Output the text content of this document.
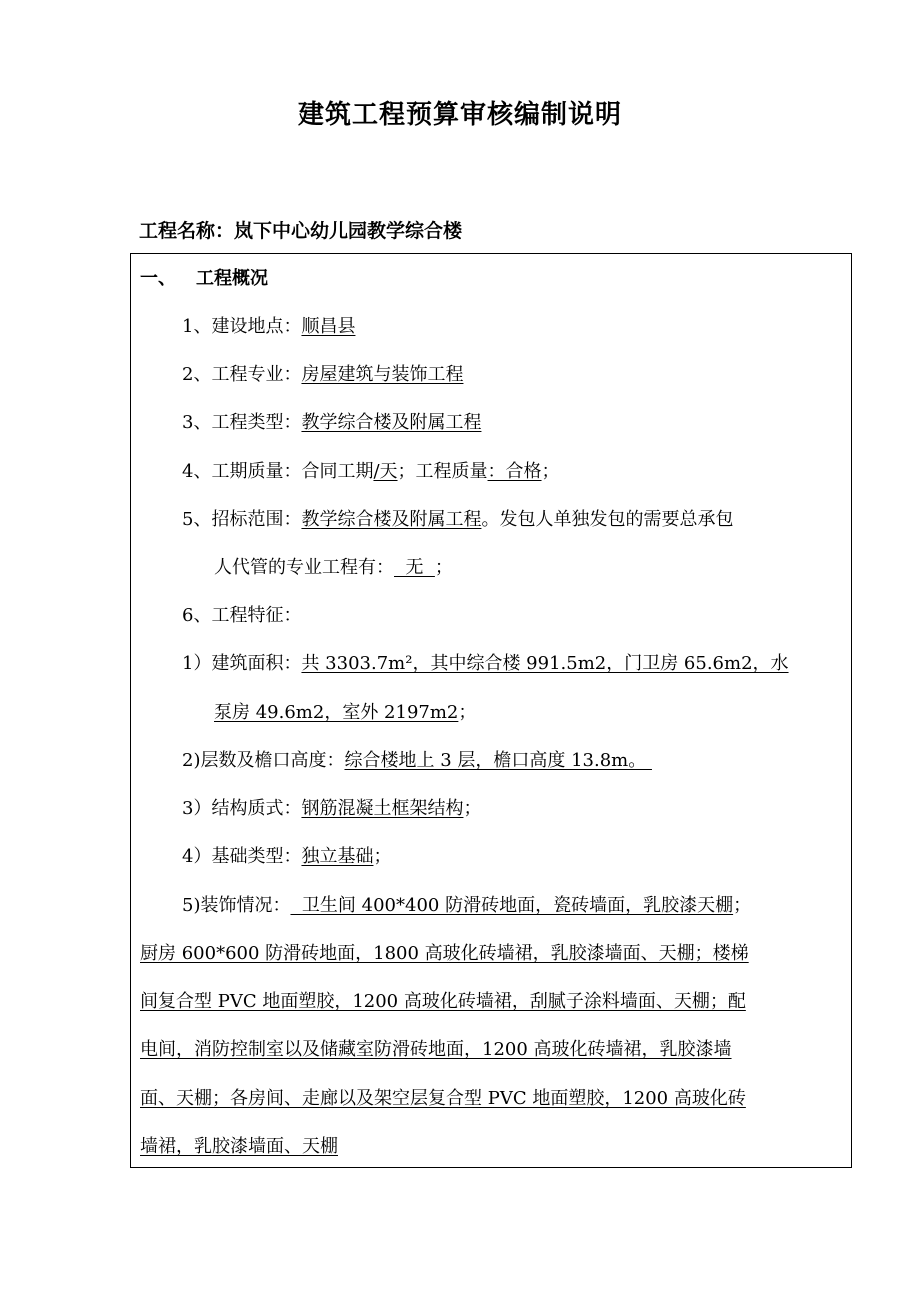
建筑工程预算审核编制说明
工程名称：岚下中心幼儿园教学综合楼
一、 工程概况
1、建设地点：顺昌县
2、工程专业：房屋建筑与装饰工程
3、工程类型：教学综合楼及附属工程
4、工期质量：合同工期/天；工程质量：合格；
5、招标范围：教学综合楼及附属工程。发包人单独发包的需要总承包
人代管的专业工程有：  无  ；
6、工程特征：
1）建筑面积：共 3303.7m²，其中综合楼 991.5m2，门卫房 65.6m2，水
泵房 49.6m2，室外 2197m2；
2)层数及檐口高度：综合楼地上 3 层，檐口高度 13.8m。
3）结构质式：钢筋混凝土框架结构；
4）基础类型：独立基础；
5)装饰情况：  卫生间 400*400 防滑砖地面，瓷砖墙面，乳胶漆天棚；
厨房 600*600 防滑砖地面，1800 高玻化砖墙裙，乳胶漆墙面、天棚；楼梯
间复合型 PVC 地面塑胶，1200 高玻化砖墙裙，刮腻子涂料墙面、天棚；配
电间，消防控制室以及储藏室防滑砖地面，1200 高玻化砖墙裙，乳胶漆墙
面、天棚；各房间、走廊以及架空层复合型 PVC 地面塑胶，1200 高玻化砖
墙裙，乳胶漆墙面、天棚
